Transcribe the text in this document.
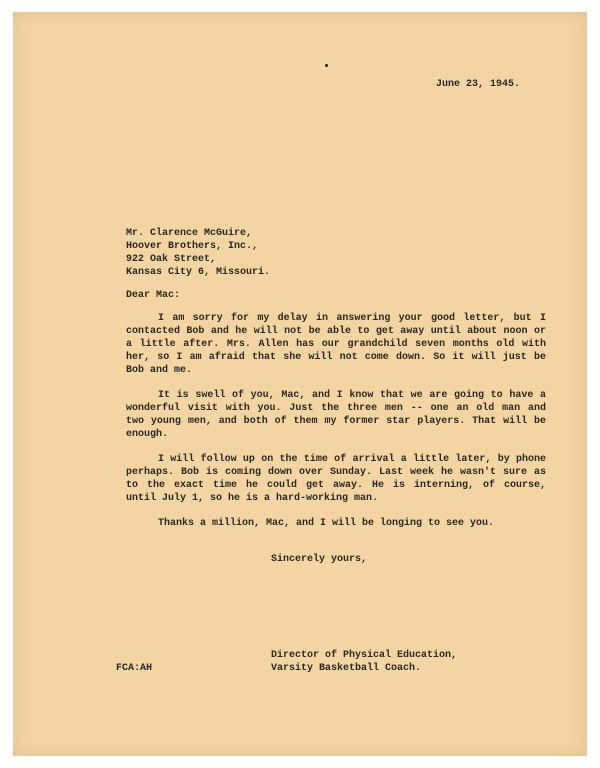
June 23, 1945.
Mr. Clarence McGuire,
Hoover Brothers, Inc.,
922 Oak Street,
Kansas City 6, Missouri.
Dear Mac:

I am sorry for my delay in answering your good letter, but I contacted Bob and he will not be able to get away until about noon or a little after. Mrs. Allen has our grandchild seven months old with her, so I am afraid that she will not come down. So it will just be Bob and me.

It is swell of you, Mac, and I know that we are going to have a wonderful visit with you. Just the three men -- one an old man and two young men, and both of them my former star players. That will be enough.

I will follow up on the time of arrival a little later, by phone perhaps. Bob is coming down over Sunday. Last week he wasn't sure as to the exact time he could get away. He is interning, of course, until July 1, so he is a hard-working man.

Thanks a million, Mac, and I will be longing to see you.

Sincerely yours,
Director of Physical Education,
Varsity Basketball Coach.
FCA:AH
